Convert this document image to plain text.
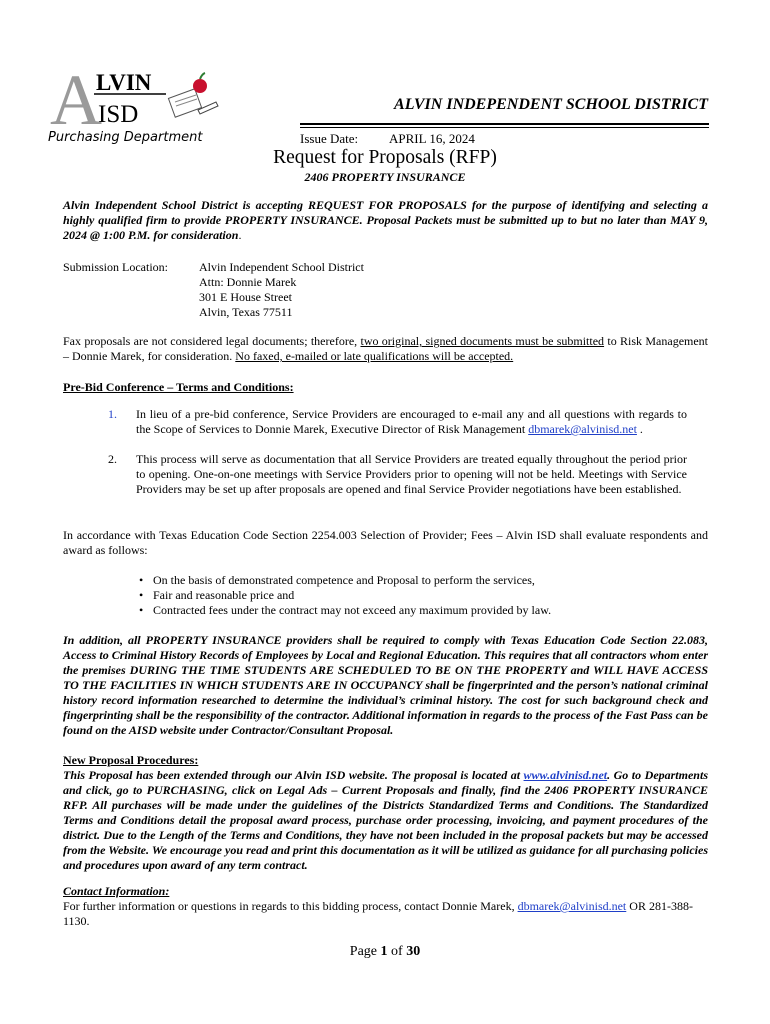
A
LVIN
ISD
Purchasing Department
ALVIN INDEPENDENT SCHOOL DISTRICT
Issue Date: APRIL 16, 2024
Request for Proposals (RFP)
2406 PROPERTY INSURANCE
Alvin Independent School District is accepting REQUEST FOR PROPOSALS for the purpose of identifying and selecting a highly qualified firm to provide PROPERTY INSURANCE. Proposal Packets must be submitted up to but no later than MAY 9, 2024 @ 1:00 P.M. for consideration.
Submission Location:	Alvin Independent School District
Attn: Donnie Marek
301 E House Street
Alvin, Texas 77511
Fax proposals are not considered legal documents; therefore, two original, signed documents must be submitted to Risk Management – Donnie Marek, for consideration. No faxed, e-mailed or late qualifications will be accepted.
Pre-Bid Conference – Terms and Conditions:
1. In lieu of a pre-bid conference, Service Providers are encouraged to e-mail any and all questions with regards to the Scope of Services to Donnie Marek, Executive Director of Risk Management dbmarek@alvinisd.net .
2. This process will serve as documentation that all Service Providers are treated equally throughout the period prior to opening. One-on-one meetings with Service Providers prior to opening will not be held. Meetings with Service Providers may be set up after proposals are opened and final Service Provider negotiations have been established.
In accordance with Texas Education Code Section 2254.003 Selection of Provider; Fees – Alvin ISD shall evaluate respondents and award as follows:
• On the basis of demonstrated competence and Proposal to perform the services,
• Fair and reasonable price and
• Contracted fees under the contract may not exceed any maximum provided by law.
In addition, all PROPERTY INSURANCE providers shall be required to comply with Texas Education Code Section 22.083, Access to Criminal History Records of Employees by Local and Regional Education. This requires that all contractors whom enter the premises DURING THE TIME STUDENTS ARE SCHEDULED TO BE ON THE PROPERTY and WILL HAVE ACCESS TO THE FACILITIES IN WHICH STUDENTS ARE IN OCCUPANCY shall be fingerprinted and the person’s national criminal history record information researched to determine the individual’s criminal history. The cost for such background check and fingerprinting shall be the responsibility of the contractor. Additional information in regards to the process of the Fast Pass can be found on the AISD website under Contractor/Consultant Proposal.
New Proposal Procedures:
This Proposal has been extended through our Alvin ISD website. The proposal is located at www.alvinisd.net. Go to Departments and click, go to PURCHASING, click on Legal Ads – Current Proposals and finally, find the 2406 PROPERTY INSURANCE RFP. All purchases will be made under the guidelines of the Districts Standardized Terms and Conditions. The Standardized Terms and Conditions detail the proposal award process, purchase order processing, invoicing, and payment procedures of the district. Due to the Length of the Terms and Conditions, they have not been included in the proposal packets but may be accessed from the Website. We encourage you read and print this documentation as it will be utilized as guidance for all purchasing policies and procedures upon award of any term contract.
Contact Information:
For further information or questions in regards to this bidding process, contact Donnie Marek, dbmarek@alvinisd.net OR 281-388-1130.
Page 1 of 30
